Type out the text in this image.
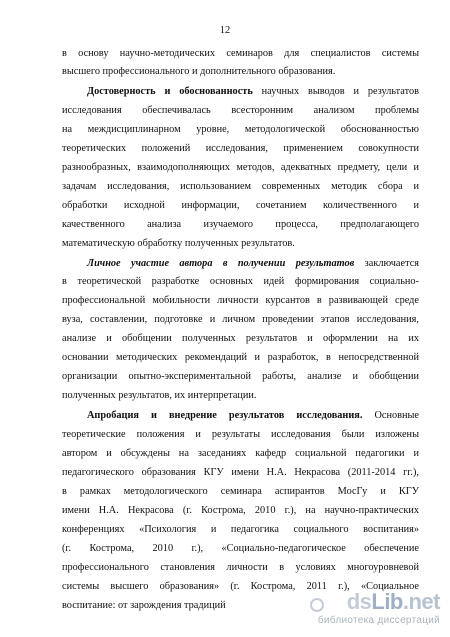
12
в основу научно-методических семинаров для специалистов системы
высшего профессионального и дополнительного образования.
Достоверность и обоснованность научных выводов и результатов
исследования обеспечивалась всесторонним анализом проблемы
на междисциплинарном уровне, методологической обоснованностью
теоретических положений исследования, применением совокупности
разнообразных, взаимодополняющих методов, адекватных предмету, цели и
задачам исследования, использованием современных методик сбора и
обработки исходной информации, сочетанием количественного и
качественного анализа изучаемого процесса, предполагающего
математическую обработку полученных результатов.
Личное участие автора в получении результатов заключается
в теоретической разработке основных идей формирования социально-
профессиональной мобильности личности курсантов в развивающей среде
вуза, составлении, подготовке и личном проведении этапов исследования,
анализе и обобщении полученных результатов и оформлении на их
основании методических рекомендаций и разработок, в непосредственной
организации опытно-экспериментальной работы, анализе и обобщении
полученных результатов, их интерпретации.
Апробация и внедрение результатов исследования. Основные
теоретические положения и результаты исследования были изложены
автором и обсуждены на заседаниях кафедр социальной педагогики и
педагогического образования КГУ имени Н.А. Некрасова (2011-2014 гг.),
в рамках методологического семинара аспирантов МосГу и КГУ
имени Н.А. Некрасова (г. Кострома, 2010 г.), на научно-практических
конференциях «Психология и педагогика социального воспитания»
(г. Кострома, 2010 г.), «Социально-педагогическое обеспечение
профессионального становления личности в условиях многоуровневой
системы высшего образования» (г. Кострома, 2011 г.), «Социальное
воспитание: от зарождения традиций	dsLib.net
библиотека диссертаций
